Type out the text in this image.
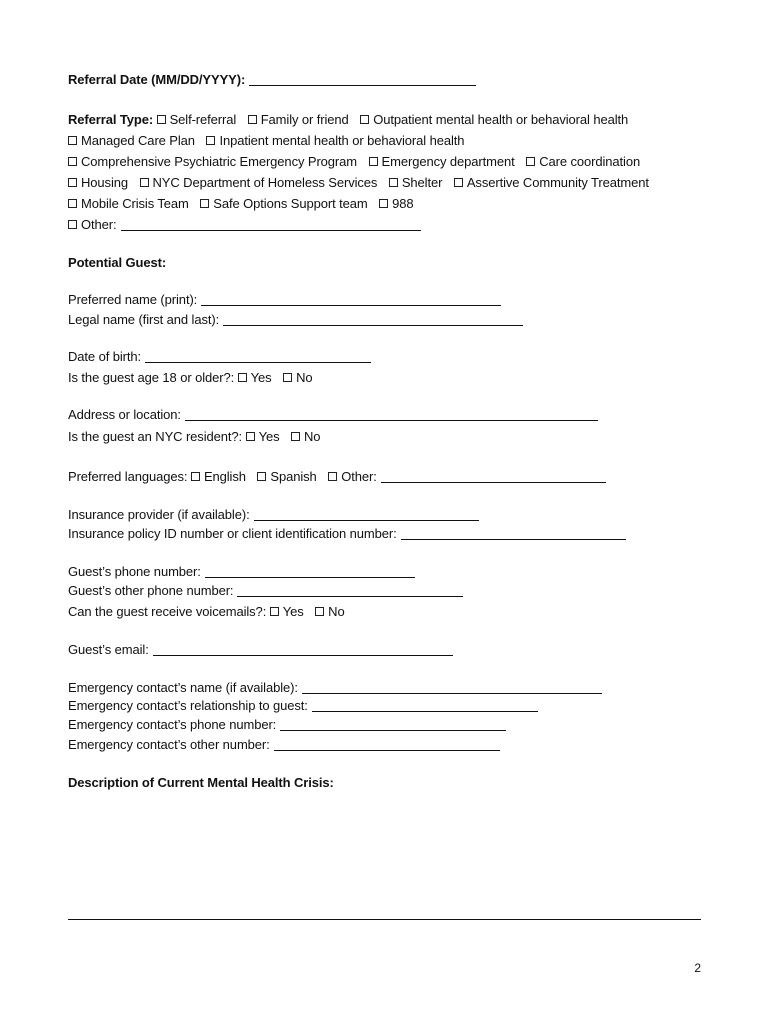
Referral Date (MM/DD/YYYY):
Referral Type: Self-referral Family or friend Outpatient mental health or behavioral health
Managed Care Plan Inpatient mental health or behavioral health
Comprehensive Psychiatric Emergency Program Emergency department Care coordination
Housing NYC Department of Homeless Services Shelter Assertive Community Treatment
Mobile Crisis Team Safe Options Support team 988
Other:
Potential Guest:
Preferred name (print):
Legal name (first and last):
Date of birth:
Is the guest age 18 or older?: Yes No
Address or location:
Is the guest an NYC resident?: Yes No
Preferred languages: English Spanish Other:
Insurance provider (if available):
Insurance policy ID number or client identification number:
Guest’s phone number:
Guest’s other phone number:
Can the guest receive voicemails?: Yes No
Guest’s email:
Emergency contact’s name (if available):
Emergency contact’s relationship to guest:
Emergency contact’s phone number:
Emergency contact’s other number:
Description of Current Mental Health Crisis:
2
